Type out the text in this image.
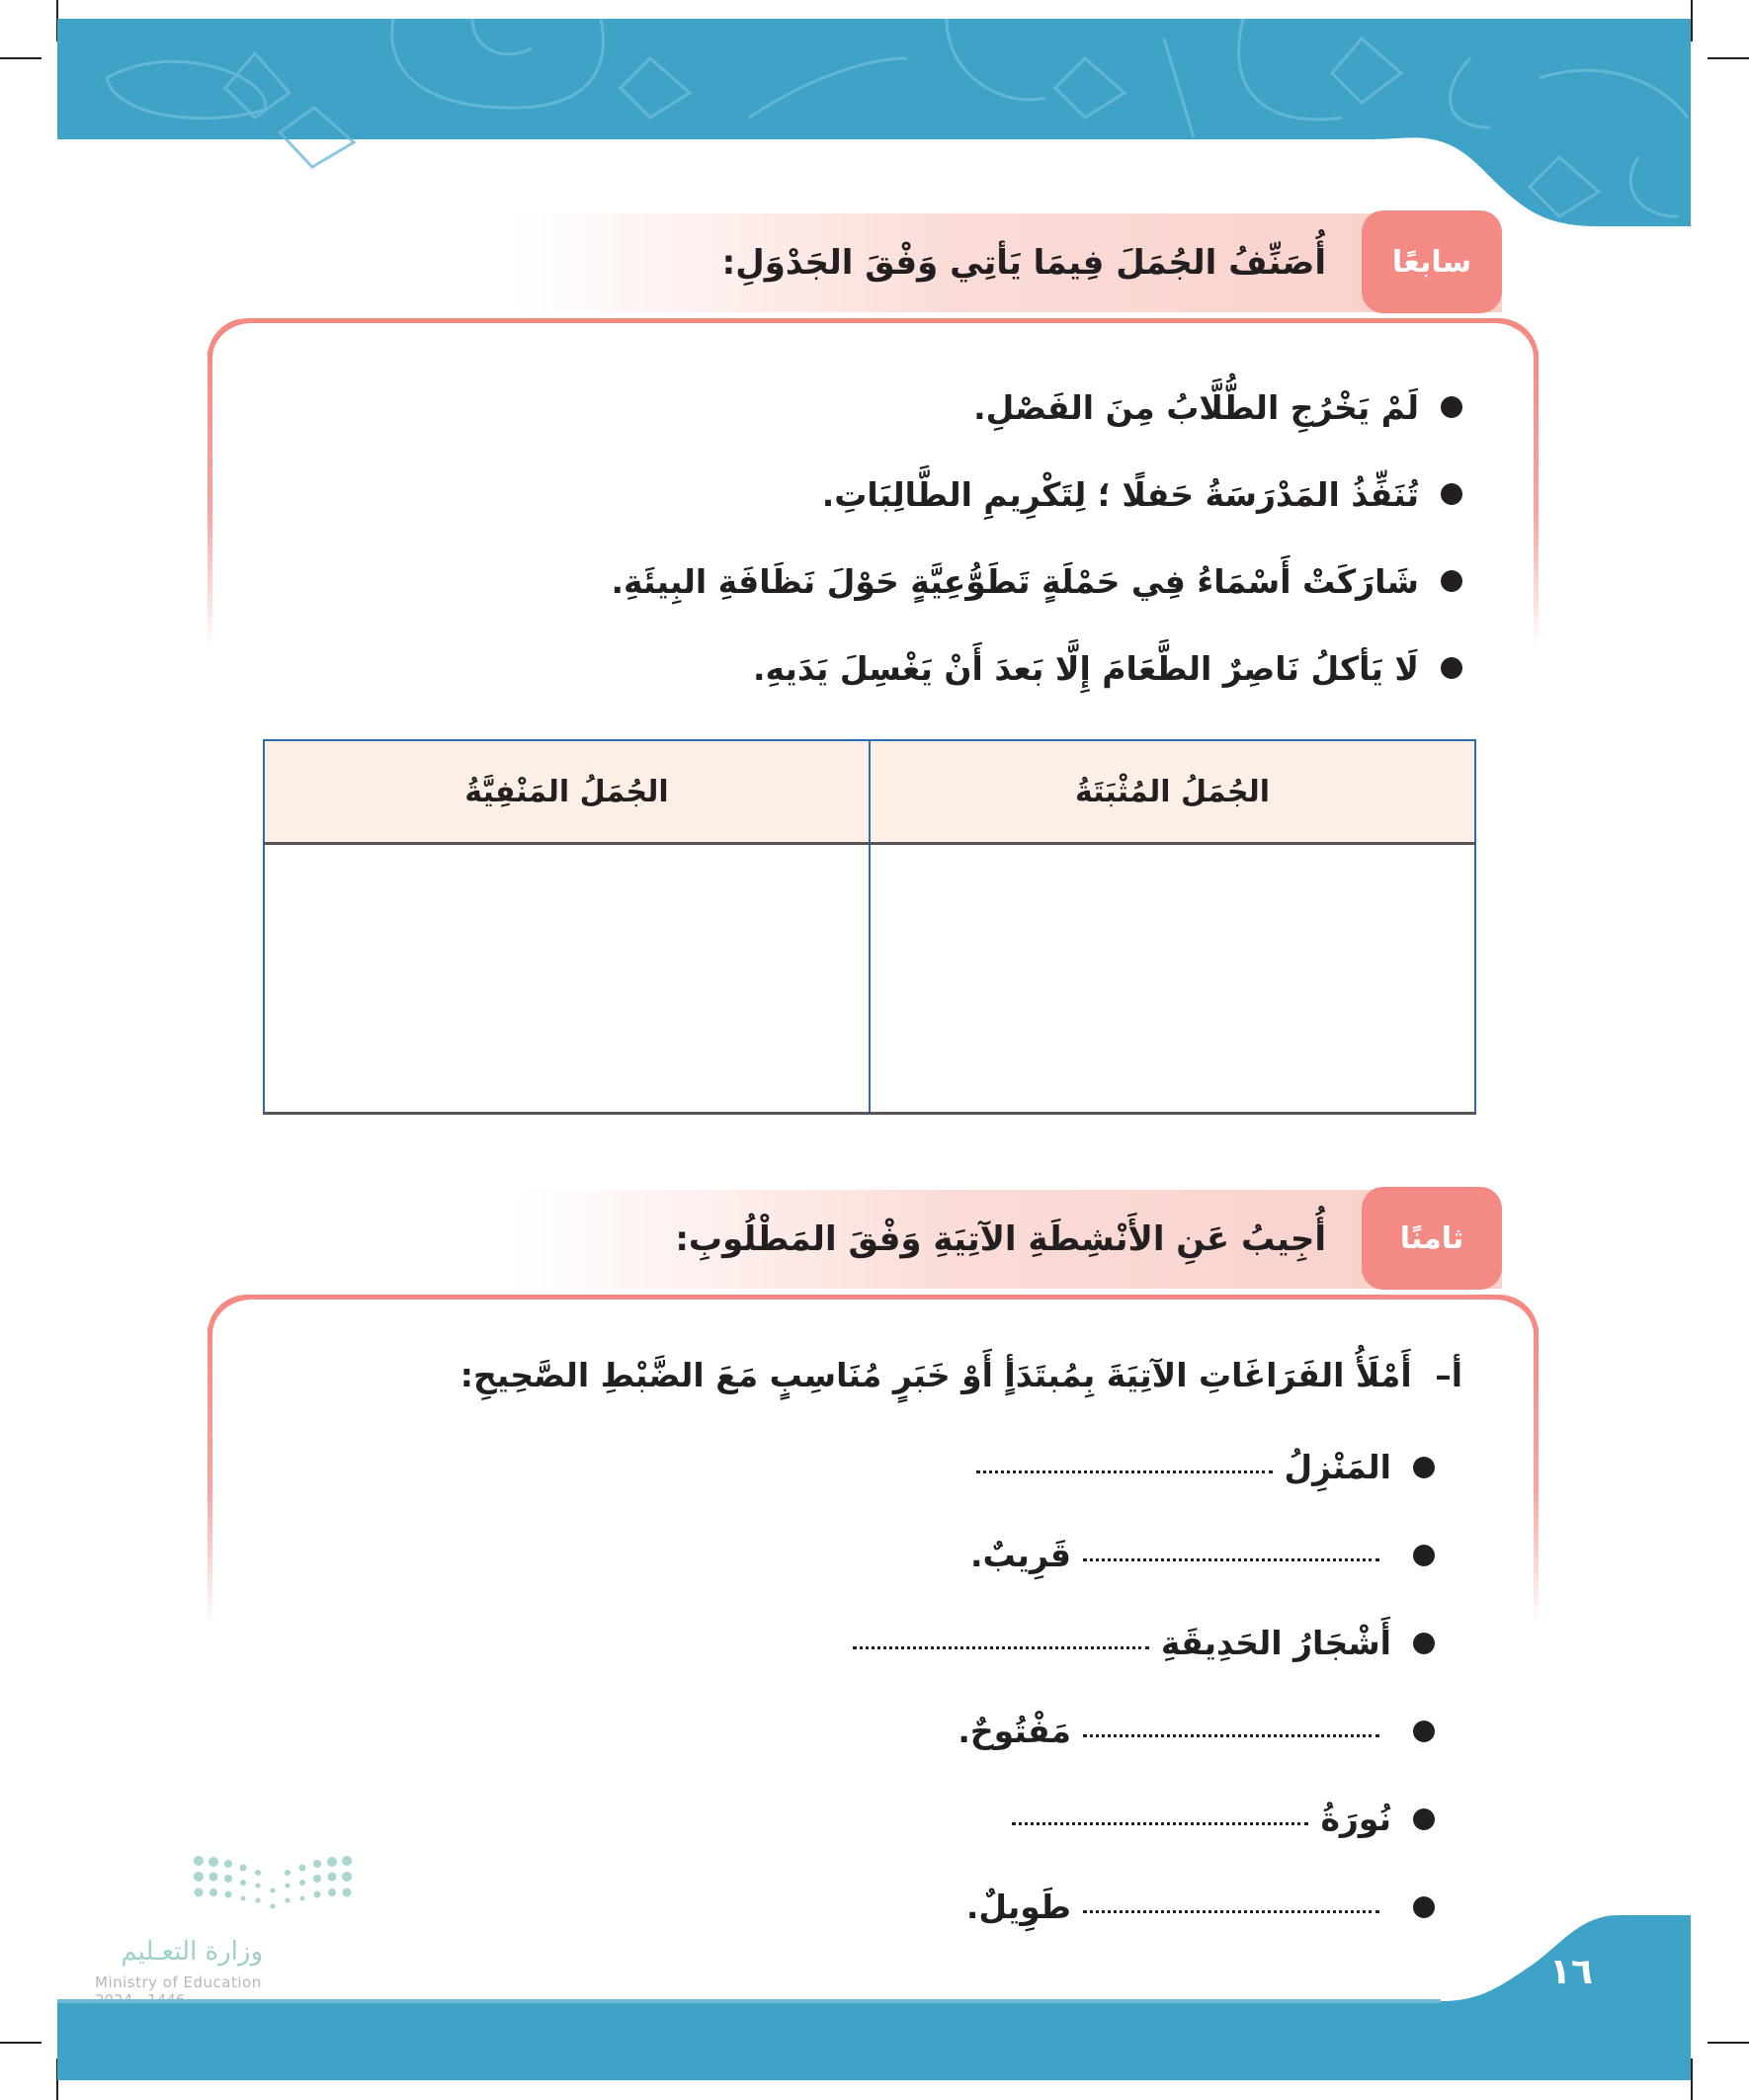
سابعًا
أُصَنِّفُ الجُمَلَ فِيمَا يَأتِي وَفْقَ الجَدْوَلِ:
لَمْ يَخْرُجِ الطُّلَّابُ مِنَ الفَصْلِ.
تُنَفِّذُ المَدْرَسَةُ حَفلًا ؛ لِتَكْرِيمِ الطَّالِبَاتِ.
شَارَكَتْ أَسْمَاءُ فِي حَمْلَةٍ تَطَوُّعِيَّةٍ حَوْلَ نَظَافَةِ البِيئَةِ.
لَا يَأكلُ نَاصِرٌ الطَّعَامَ إِلَّا بَعدَ أَنْ يَغْسِلَ يَدَيهِ.
الجُمَلُ المُثْبَتَةُ	الجُمَلُ المَنْفِيَّةُ

ثامنًا
أُجِيبُ عَنِ الأَنْشِطَةِ الآتِيَةِ وَفْقَ المَطْلُوبِ:
أ– أَمْلَأُ الفَرَاغَاتِ الآتِيَةَ بِمُبتَدَأٍ أَوْ خَبَرٍ مُنَاسِبٍ مَعَ الضَّبْطِ الصَّحِيحِ:
المَنْزِلُ
قَرِيبٌ.
أَشْجَارُ الحَدِيقَةِ
مَفْتُوحٌ.
نُورَةُ
طَوِيلٌ.
وزارة التعـليم
Ministry of Education	١٦
